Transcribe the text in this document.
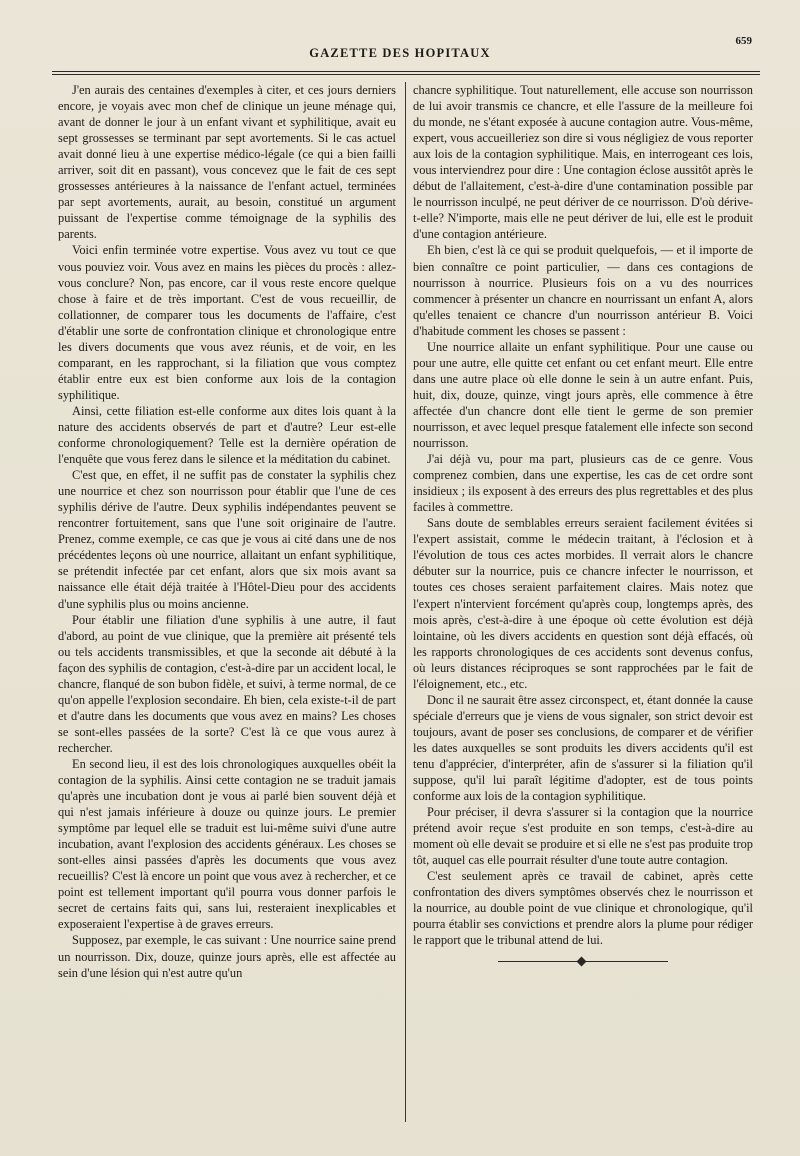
GAZETTE DES HOPITAUX
659

J'en aurais des centaines d'exemples à citer, et ces jours derniers encore, je voyais avec mon chef de clinique un jeune ménage qui, avant de donner le jour à un enfant vivant et syphilitique, avait eu sept grossesses se terminant par sept avortements. Si le cas actuel avait donné lieu à une expertise médico-légale (ce qui a bien failli arriver, soit dit en passant), vous concevez que le fait de ces sept grossesses antérieures à la naissance de l'enfant actuel, terminées par sept avortements, aurait, au besoin, constitué un argument puissant de l'expertise comme témoignage de la syphilis des parents.

Voici enfin terminée votre expertise. Vous avez vu tout ce que vous pouviez voir. Vous avez en mains les pièces du procès : allez-vous conclure? Non, pas encore, car il vous reste encore quelque chose à faire et de très important. C'est de vous recueillir, de collationner, de comparer tous les documents de l'affaire, c'est d'établir une sorte de confrontation clinique et chronologique entre les divers documents que vous avez réunis, et de voir, en les comparant, en les rapprochant, si la filiation que vous comptez établir entre eux est bien conforme aux lois de la contagion syphilitique.

Ainsi, cette filiation est-elle conforme aux dites lois quant à la nature des accidents observés de part et d'autre? Leur est-elle conforme chronologiquement? Telle est la dernière opération de l'enquête que vous ferez dans le silence et la méditation du cabinet.

C'est que, en effet, il ne suffit pas de constater la syphilis chez une nourrice et chez son nourrisson pour établir que l'une de ces syphilis dérive de l'autre. Deux syphilis indépendantes peuvent se rencontrer fortuitement, sans que l'une soit originaire de l'autre. Prenez, comme exemple, ce cas que je vous ai cité dans une de nos précédentes leçons où une nourrice, allaitant un enfant syphilitique, se prétendit infectée par cet enfant, alors que six mois avant sa naissance elle était déjà traitée à l'Hôtel-Dieu pour des accidents d'une syphilis plus ou moins ancienne.

Pour établir une filiation d'une syphilis à une autre, il faut d'abord, au point de vue clinique, que la première ait présenté tels ou tels accidents transmissibles, et que la seconde ait débuté à la façon des syphilis de contagion, c'est-à-dire par un accident local, le chancre, flanqué de son bubon fidèle, et suivi, à terme normal, de ce qu'on appelle l'explosion secondaire. Eh bien, cela existe-t-il de part et d'autre dans les documents que vous avez en mains? Les choses se sont-elles passées de la sorte? C'est là ce que vous aurez à rechercher.

En second lieu, il est des lois chronologiques auxquelles obéit la contagion de la syphilis. Ainsi cette contagion ne se traduit jamais qu'après une incubation dont je vous ai parlé bien souvent déjà et qui n'est jamais inférieure à douze ou quinze jours. Le premier symptôme par lequel elle se traduit est lui-même suivi d'une autre incubation, avant l'explosion des accidents généraux. Les choses se sont-elles ainsi passées d'après les documents que vous avez recueillis? C'est là encore un point que vous avez à rechercher, et ce point est tellement important qu'il pourra vous donner parfois le secret de certains faits qui, sans lui, resteraient inexplicables et exposeraient l'expertise à de graves erreurs.

Supposez, par exemple, le cas suivant : Une nourrice saine prend un nourrisson. Dix, douze, quinze jours après, elle est affectée au sein d'une lésion qui n'est autre qu'un

chancre syphilitique. Tout naturellement, elle accuse son nourrisson de lui avoir transmis ce chancre, et elle l'assure de la meilleure foi du monde, ne s'étant exposée à aucune contagion autre. Vous-même, expert, vous accueilleriez son dire si vous négligiez de vous reporter aux lois de la contagion syphilitique. Mais, en interrogeant ces lois, vous interviendrez pour dire : Une contagion éclose aussitôt après le début de l'allaitement, c'est-à-dire d'une contamination possible par le nourrisson inculpé, ne peut dériver de ce nourrisson. D'où dérive-t-elle? N'importe, mais elle ne peut dériver de lui, elle est le produit d'une contagion antérieure.

Eh bien, c'est là ce qui se produit quelquefois, — et il importe de bien connaître ce point particulier, — dans ces contagions de nourrisson à nourrice. Plusieurs fois on a vu des nourrices commencer à présenter un chancre en nourrissant un enfant A, alors qu'elles tenaient ce chancre d'un nourrisson antérieur B. Voici d'habitude comment les choses se passent :

Une nourrice allaite un enfant syphilitique. Pour une cause ou pour une autre, elle quitte cet enfant ou cet enfant meurt. Elle entre dans une autre place où elle donne le sein à un autre enfant. Puis, huit, dix, douze, quinze, vingt jours après, elle commence à être affectée d'un chancre dont elle tient le germe de son premier nourrisson, et avec lequel presque fatalement elle infecte son second nourrisson.

J'ai déjà vu, pour ma part, plusieurs cas de ce genre. Vous comprenez combien, dans une expertise, les cas de cet ordre sont insidieux ; ils exposent à des erreurs des plus regrettables et des plus faciles à commettre.

Sans doute de semblables erreurs seraient facilement évitées si l'expert assistait, comme le médecin traitant, à l'éclosion et à l'évolution de tous ces actes morbides. Il verrait alors le chancre débuter sur la nourrice, puis ce chancre infecter le nourrisson, et toutes ces choses seraient parfaitement claires. Mais notez que l'expert n'intervient forcément qu'après coup, longtemps après, des mois après, c'est-à-dire à une époque où cette évolution est déjà lointaine, où les divers accidents en question sont déjà effacés, où les rapports chronologiques de ces accidents sont devenus confus, où leurs distances réciproques se sont rapprochées par le fait de l'éloignement, etc., etc.

Donc il ne saurait être assez circonspect, et, étant donnée la cause spéciale d'erreurs que je viens de vous signaler, son strict devoir est toujours, avant de poser ses conclusions, de comparer et de vérifier les dates auxquelles se sont produits les divers accidents qu'il est tenu d'apprécier, d'interpréter, afin de s'assurer si la filiation qu'il suppose, qu'il lui paraît légitime d'adopter, est de tous points conforme aux lois de la contagion syphilitique.

Pour préciser, il devra s'assurer si la contagion que la nourrice prétend avoir reçue s'est produite en son temps, c'est-à-dire au moment où elle devait se produire et si elle ne s'est pas produite trop tôt, auquel cas elle pourrait résulter d'une toute autre contagion.

C'est seulement après ce travail de cabinet, après cette confrontation des divers symptômes observés chez le nourrisson et la nourrice, au double point de vue clinique et chronologique, qu'il pourra établir ses convictions et prendre alors la plume pour rédiger le rapport que le tribunal attend de lui.
